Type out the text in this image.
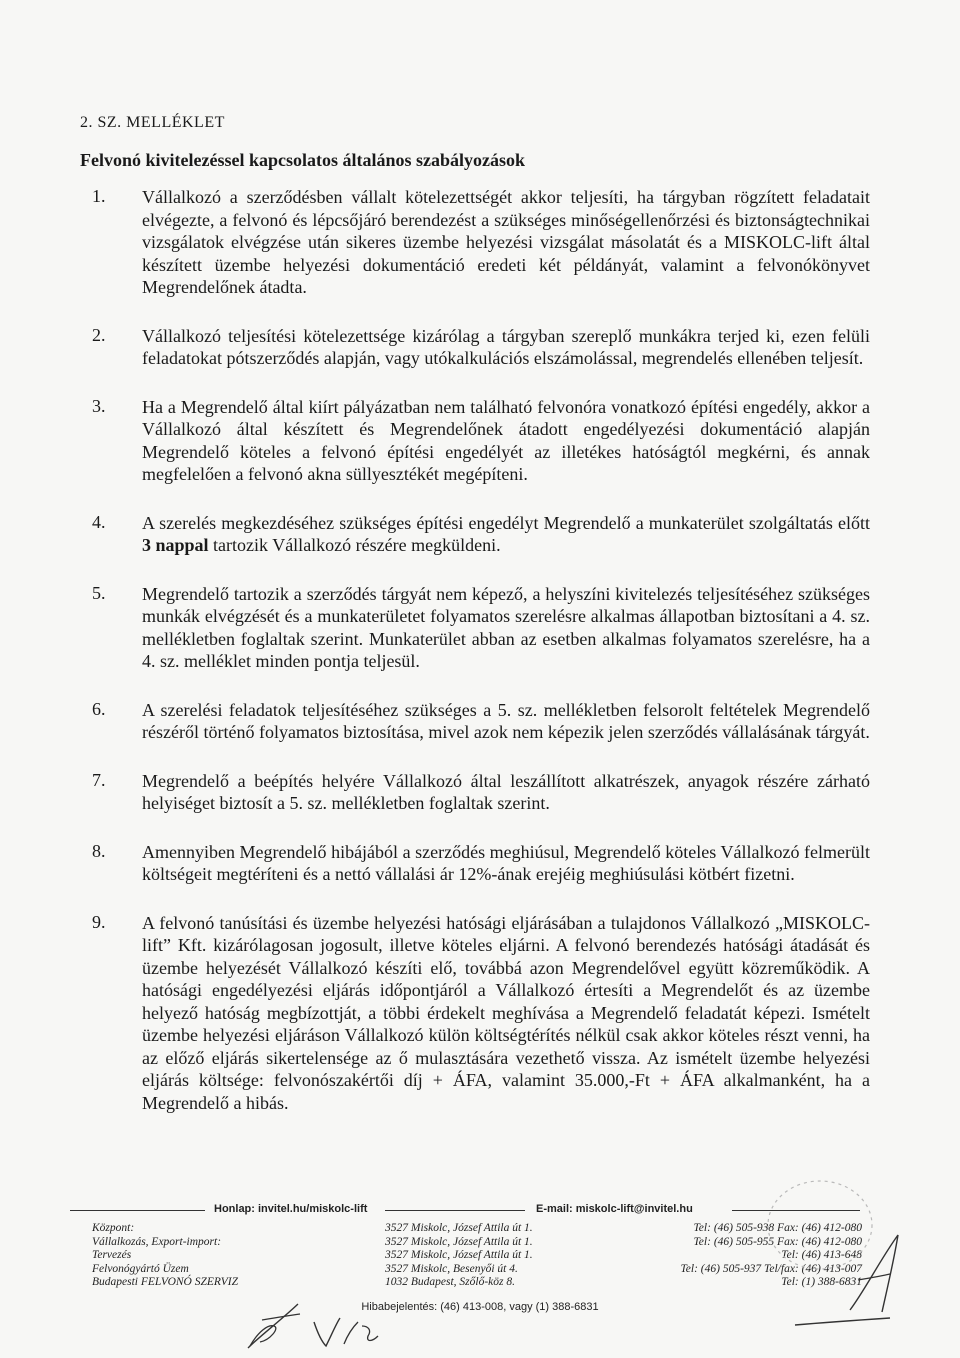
2. SZ. MELLÉKLET
Felvonó kivitelezéssel kapcsolatos általános szabályozások
1. Vállalkozó a szerződésben vállalt kötelezettségét akkor teljesíti, ha tárgyban rögzített feladatait elvégezte, a felvonó és lépcsőjáró berendezést a szükséges minőségellenőrzési és biztonságtechnikai vizsgálatok elvégzése után sikeres üzembe helyezési vizsgálat másolatát és a MISKOLC-lift által készített üzembe helyezési dokumentáció eredeti két példányát, valamint a felvonókönyvet Megrendelőnek átadta.

2. Vállalkozó teljesítési kötelezettsége kizárólag a tárgyban szereplő munkákra terjed ki, ezen felüli feladatokat pótszerződés alapján, vagy utókalkulációs elszámolással, megrendelés ellenében teljesít.

3. Ha a Megrendelő által kiírt pályázatban nem található felvonóra vonatkozó építési engedély, akkor a Vállalkozó által készített és Megrendelőnek átadott engedélyezési dokumentáció alapján Megrendelő köteles a felvonó építési engedélyét az illetékes hatóságtól megkérni, és annak megfelelően a felvonó akna süllyesztékét megépíteni.

4. A szerelés megkezdéséhez szükséges építési engedélyt Megrendelő a munkaterület szolgáltatás előtt 3 nappal tartozik Vállalkozó részére megküldeni.

5. Megrendelő tartozik a szerződés tárgyát nem képező, a helyszíni kivitelezés teljesítéséhez szükséges munkák elvégzését és a munkaterületet folyamatos szerelésre alkalmas állapotban biztosítani a 4. sz. mellékletben foglaltak szerint. Munkaterület abban az esetben alkalmas folyamatos szerelésre, ha a 4. sz. melléklet minden pontja teljesül.

6. A szerelési feladatok teljesítéséhez szükséges a 5. sz. mellékletben felsorolt feltételek Megrendelő részéről történő folyamatos biztosítása, mivel azok nem képezik jelen szerződés vállalásának tárgyát.

7. Megrendelő a beépítés helyére Vállalkozó által leszállított alkatrészek, anyagok részére zárható helyiséget biztosít a 5. sz. mellékletben foglaltak szerint.

8. Amennyiben Megrendelő hibájából a szerződés meghiúsul, Megrendelő köteles Vállalkozó felmerült költségeit megtéríteni és a nettó vállalási ár 12%-ának erejéig meghiúsulási kötbért fizetni.

9. A felvonó tanúsítási és üzembe helyezési hatósági eljárásában a tulajdonos Vállalkozó „MISKOLC-lift” Kft. kizárólagosan jogosult, illetve köteles eljárni. A felvonó berendezés hatósági átadását és üzembe helyezését Vállalkozó készíti elő, továbbá azon Megrendelővel együtt közreműködik. A hatósági engedélyezési eljárás időpontjáról a Vállalkozó értesíti a Megrendelőt és az üzembe helyező hatóság megbízottját, a többi érdekelt meghívása a Megrendelő feladatát képezi. Ismételt üzembe helyezési eljáráson Vállalkozó külön költségtérítés nélkül csak akkor köteles részt venni, ha az előző eljárás sikertelensége az ő mulasztására vezethető vissza. Az ismételt üzembe helyezési eljárás költsége: felvonószakértői díj + ÁFA, valamint 35.000,-Ft + ÁFA alkalmanként, ha a Megrendelő a hibás.

Honlap: invitel.hu/miskolc-lift	E-mail: miskolc-lift@invitel.hu
Központ:
Vállalkozás, Export-import:
Tervezés
Felvonógyártó Üzem
Budapesti FELVONÓ SZERVIZ
3527 Miskolc, József Attila út 1.
3527 Miskolc, József Attila út 1.
3527 Miskolc, József Attila út 1.
3527 Miskolc, Besenyői út 4.
1032 Budapest, Szőlő-köz 8.
Tel: (46) 505-938 Fax: (46) 412-080
Tel: (46) 505-955 Fax: (46) 412-080
Tel: (46) 413-648
Tel: (46) 505-937 Tel/fax: (46) 413-007
Tel: (1) 388-6831
Hibabejelentés: (46) 413-008, vagy (1) 388-6831
